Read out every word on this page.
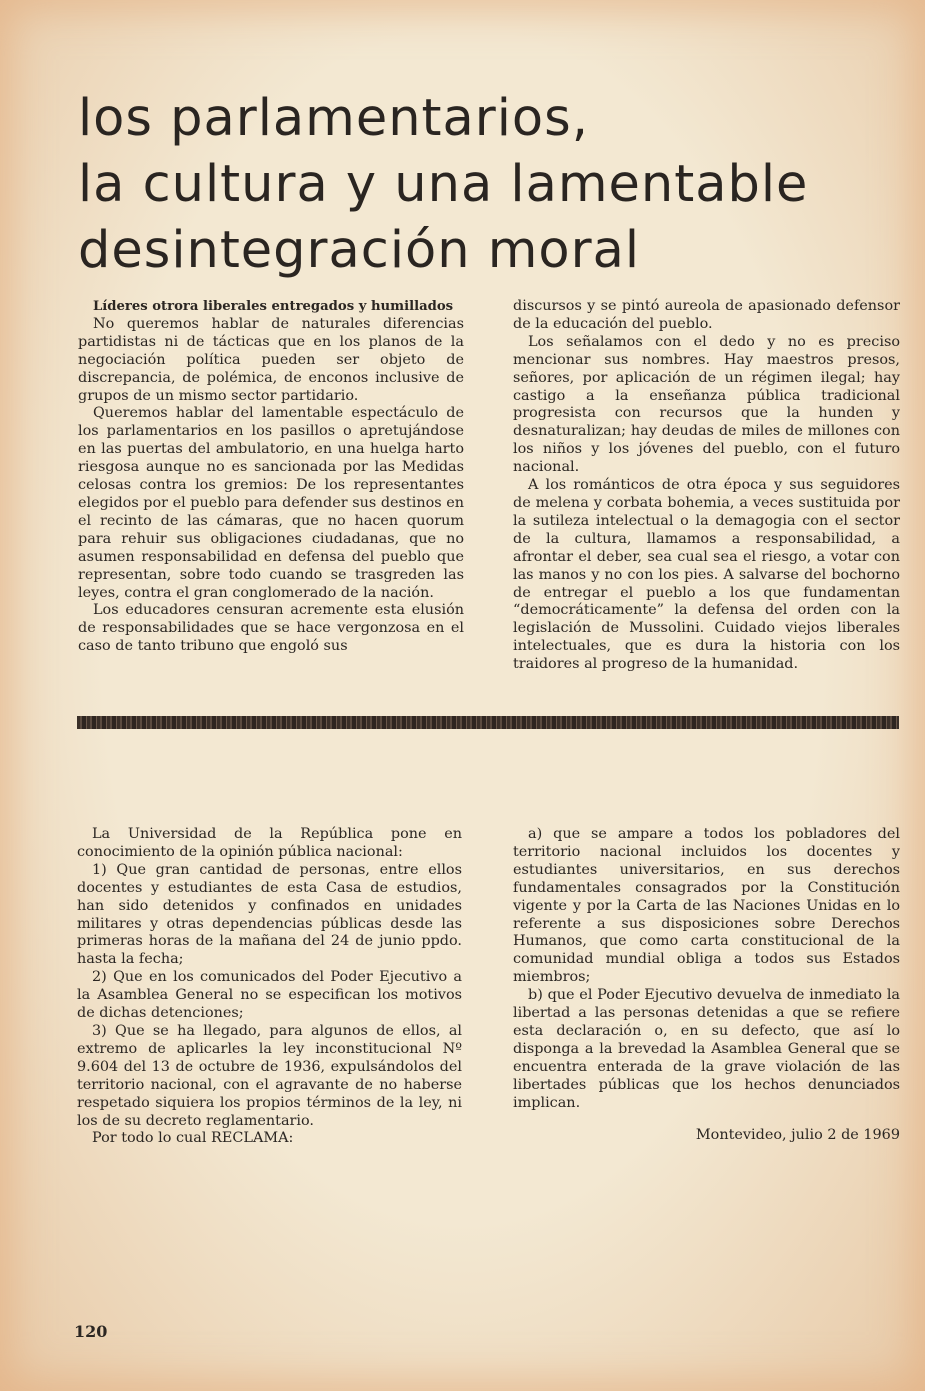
los parlamentarios,
la cultura y una lamentable
desintegración moral

Líderes otrora liberales entregados y humillados

No queremos hablar de naturales diferencias partidistas ni de tácticas que en los planos de la negociación política pueden ser objeto de discrepancia, de polémica, de enconos inclusive de grupos de un mismo sector partidario.

Queremos hablar del lamentable espectáculo de los parlamentarios en los pasillos o apretujándose en las puertas del ambulatorio, en una huelga harto riesgosa aunque no es sancionada por las Medidas celosas contra los gremios: De los representantes elegidos por el pueblo para defender sus destinos en el recinto de las cámaras, que no hacen quorum para rehuir sus obligaciones ciudadanas, que no asumen responsabilidad en defensa del pueblo que representan, sobre todo cuando se trasgreden las leyes, contra el gran conglomerado de la nación.

Los educadores censuran acremente esta elusión de responsabilidades que se hace vergonzosa en el caso de tanto tribuno que engoló sus

discursos y se pintó aureola de apasionado defensor de la educación del pueblo.

Los señalamos con el dedo y no es preciso mencionar sus nombres. Hay maestros presos, señores, por aplicación de un régimen ilegal; hay castigo a la enseñanza pública tradicional progresista con recursos que la hunden y desnaturalizan; hay deudas de miles de millones con los niños y los jóvenes del pueblo, con el futuro nacional.

A los románticos de otra época y sus seguidores de melena y corbata bohemia, a veces sustituida por la sutileza intelectual o la demagogia con el sector de la cultura, llamamos a responsabilidad, a afrontar el deber, sea cual sea el riesgo, a votar con las manos y no con los pies. A salvarse del bochorno de entregar el pueblo a los que fundamentan “democráticamente” la defensa del orden con la legislación de Mussolini. Cuidado viejos liberales intelectuales, que es dura la historia con los traidores al progreso de la humanidad.

La Universidad de la República pone en conocimiento de la opinión pública nacional:

1) Que gran cantidad de personas, entre ellos docentes y estudiantes de esta Casa de estudios, han sido detenidos y confinados en unidades militares y otras dependencias públicas desde las primeras horas de la mañana del 24 de junio ppdo. hasta la fecha;

2) Que en los comunicados del Poder Ejecutivo a la Asamblea General no se especifican los motivos de dichas detenciones;

3) Que se ha llegado, para algunos de ellos, al extremo de aplicarles la ley inconstitucional Nº 9.604 del 13 de octubre de 1936, expulsándolos del territorio nacional, con el agravante de no haberse respetado siquiera los propios términos de la ley, ni los de su decreto reglamentario.

Por todo lo cual RECLAMA:

a) que se ampare a todos los pobladores del territorio nacional incluidos los docentes y estudiantes universitarios, en sus derechos fundamentales consagrados por la Constitución vigente y por la Carta de las Naciones Unidas en lo referente a sus disposiciones sobre Derechos Humanos, que como carta constitucional de la comunidad mundial obliga a todos sus Estados miembros;

b) que el Poder Ejecutivo devuelva de inmediato la libertad a las personas detenidas a que se refiere esta declaración o, en su defecto, que así lo disponga a la brevedad la Asamblea General que se encuentra enterada de la grave violación de las libertades públicas que los hechos denunciados implican.

Montevideo, julio 2 de 1969

120
